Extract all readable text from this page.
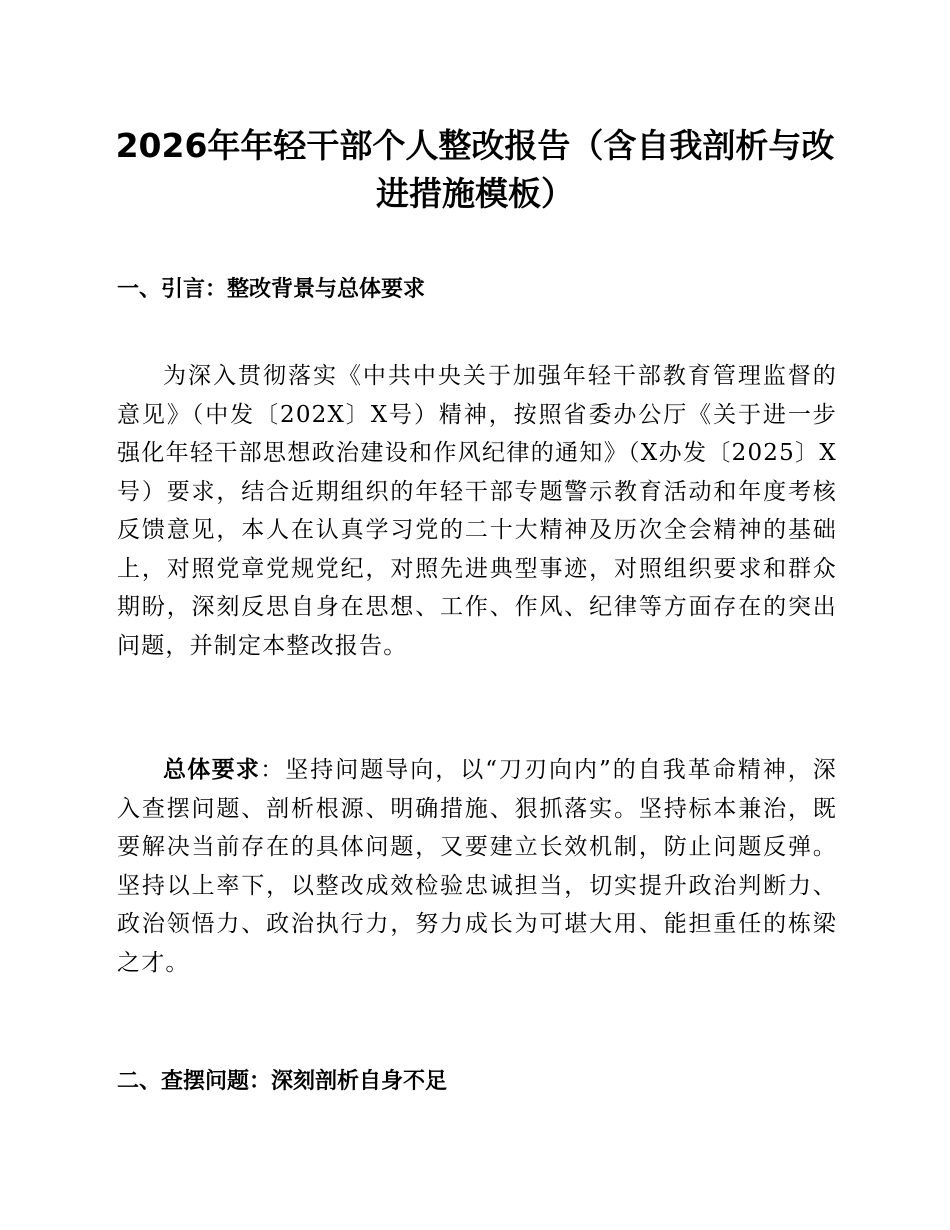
2026年年轻干部个人整改报告（含自我剖析与改进措施模板）
一、引言：整改背景与总体要求

为深入贯彻落实《中共中央关于加强年轻干部教育管理监督的意见》（中发〔202X〕X号）精神，按照省委办公厅《关于进一步强化年轻干部思想政治建设和作风纪律的通知》（X办发〔2025〕X号）要求，结合近期组织的年轻干部专题警示教育活动和年度考核反馈意见，本人在认真学习党的二十大精神及历次全会精神的基础上，对照党章党规党纪，对照先进典型事迹，对照组织要求和群众期盼，深刻反思自身在思想、工作、作风、纪律等方面存在的突出问题，并制定本整改报告。

总体要求：坚持问题导向，以“刀刃向内”的自我革命精神，深入查摆问题、剖析根源、明确措施、狠抓落实。坚持标本兼治，既要解决当前存在的具体问题，又要建立长效机制，防止问题反弹。坚持以上率下，以整改成效检验忠诚担当，切实提升政治判断力、政治领悟力、政治执行力，努力成长为可堪大用、能担重任的栋梁之才。

二、查摆问题：深刻剖析自身不足
